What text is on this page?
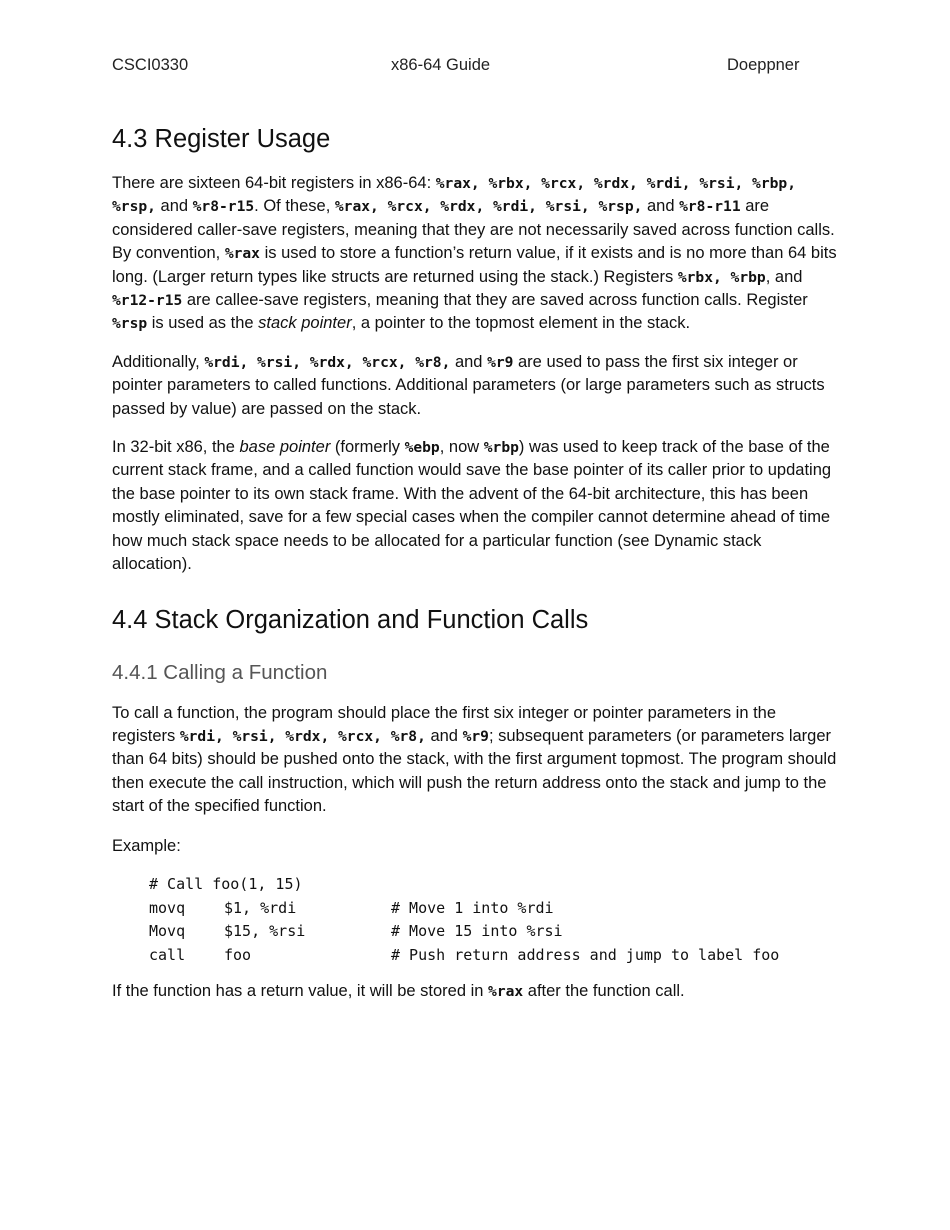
CSCI0330	x86-64 Guide	Doeppner
4.3 Register Usage

There are sixteen 64-bit registers in x86-64: %rax, %rbx, %rcx, %rdx, %rdi, %rsi, %rbp, %rsp, and %r8-r15. Of these, %rax, %rcx, %rdx, %rdi, %rsi, %rsp, and %r8-r11 are considered caller-save registers, meaning that they are not necessarily saved across function calls. By convention, %rax is used to store a function’s return value, if it exists and is no more than 64 bits long. (Larger return types like structs are returned using the stack.) Registers %rbx, %rbp, and %r12-r15 are callee-save registers, meaning that they are saved across function calls. Register %rsp is used as the stack pointer, a pointer to the topmost element in the stack.

Additionally, %rdi, %rsi, %rdx, %rcx, %r8, and %r9 are used to pass the first six integer or pointer parameters to called functions. Additional parameters (or large parameters such as structs passed by value) are passed on the stack.

In 32-bit x86, the base pointer (formerly %ebp, now %rbp) was used to keep track of the base of the current stack frame, and a called function would save the base pointer of its caller prior to updating the base pointer to its own stack frame. With the advent of the 64-bit architecture, this has been mostly eliminated, save for a few special cases when the compiler cannot determine ahead of time how much stack space needs to be allocated for a particular function (see Dynamic stack allocation).

4.4 Stack Organization and Function Calls
4.4.1 Calling a Function

To call a function, the program should place the first six integer or pointer parameters in the registers %rdi, %rsi, %rdx, %rcx, %r8, and %r9; subsequent parameters (or parameters larger than 64 bits) should be pushed onto the stack, with the first argument topmost. The program should then execute the call instruction, which will push the return address onto the stack and jump to the start of the specified function.

Example:

# Call foo(1, 15)
movq	$1, %rdi	# Move 1 into %rdi
Movq	$15, %rsi	# Move 15 into %rsi
call	foo	# Push return address and jump to label foo

If the function has a return value, it will be stored in %rax after the function call.
